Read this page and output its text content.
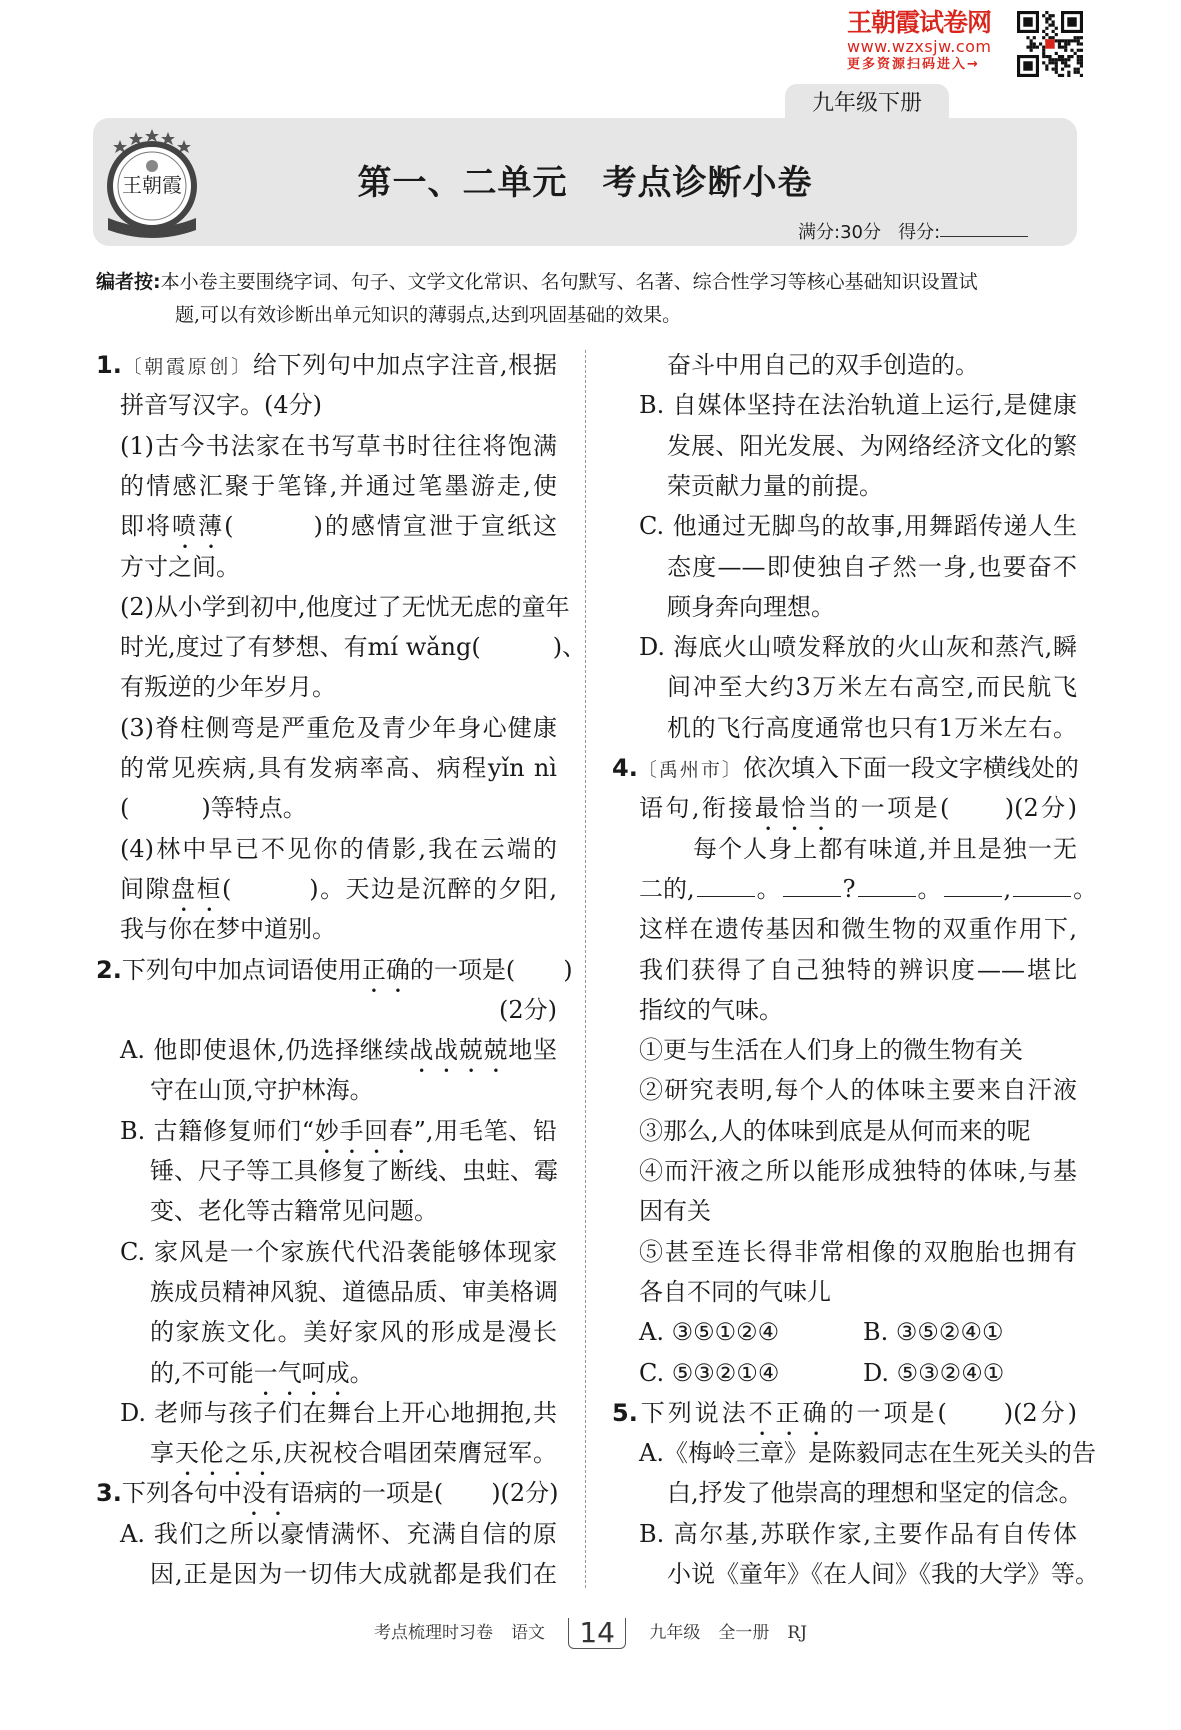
王朝霞试卷网
www.wzxsjw.com
更多资源扫码进入→
九年级下册
王朝霞	第一、二单元　考点诊断小卷
满分:30分 得分:
编者按:本小卷主要围绕字词、句子、文学文化常识、名句默写、名著、综合性学习等核心基础知识设置试
题,可以有效诊断出单元知识的薄弱点,达到巩固基础的效果。
1.〔朝霞原创〕给下列句中加点字注音,根据
拼音写汉字。(4分)
(1)古今书法家在书写草书时往往将饱满
的情感汇聚于笔锋,并通过笔墨游走,使
即将喷薄(　　　)的感情宣泄于宣纸这
方寸之间。
(2)从小学到初中,他度过了无忧无虑的童年
时光,度过了有梦想、有mí wǎng(　　　)、
有叛逆的少年岁月。
(3)脊柱侧弯是严重危及青少年身心健康
的常见疾病,具有发病率高、病程yǐn nì
(　　　)等特点。
(4)林中早已不见你的倩影,我在云端的
间隙盘桓(　　　)。天边是沉醉的夕阳,
我与你在梦中道别。
2.下列句中加点词语使用正确的一项是(　　)
(2分)
A. 他即使退休,仍选择继续战战兢兢地坚
守在山顶,守护林海。
B. 古籍修复师们“妙手回春”,用毛笔、铅
锤、尺子等工具修复了断线、虫蛀、霉
变、老化等古籍常见问题。
C. 家风是一个家族代代沿袭能够体现家
族成员精神风貌、道德品质、审美格调
的家族文化。美好家风的形成是漫长
的,不可能一气呵成。
D. 老师与孩子们在舞台上开心地拥抱,共
享天伦之乐,庆祝校合唱团荣膺冠军。
3.下列各句中没有语病的一项是(　　)(2分)
A. 我们之所以豪情满怀、充满自信的原
因,正是因为一切伟大成就都是我们在
奋斗中用自己的双手创造的。
B. 自媒体坚持在法治轨道上运行,是健康
发展、阳光发展、为网络经济文化的繁
荣贡献力量的前提。
C. 他通过无脚鸟的故事,用舞蹈传递人生
态度——即使独自孑然一身,也要奋不
顾身奔向理想。
D. 海底火山喷发释放的火山灰和蒸汽,瞬
间冲至大约3万米左右高空,而民航飞
机的飞行高度通常也只有1万米左右。
4.〔禹州市〕依次填入下面一段文字横线处的
语句,衔接最恰当的一项是(　　)(2分)
每个人身上都有味道,并且是独一无
二的,	。	?	。	,	。
这样在遗传基因和微生物的双重作用下,
我们获得了自己独特的辨识度——堪比
指纹的气味。
①更与生活在人们身上的微生物有关
②研究表明,每个人的体味主要来自汗液
③那么,人的体味到底是从何而来的呢
④而汗液之所以能形成独特的体味,与基
因有关
⑤甚至连长得非常相像的双胞胎也拥有
各自不同的气味儿
A. ③⑤①②④	B. ③⑤②④①
C. ⑤③②①④	D. ⑤③②④①
5.下列说法不正确的一项是(　　)(2分)
A.《梅岭三章》是陈毅同志在生死关头的告
白,抒发了他崇高的理想和坚定的信念。
B. 高尔基,苏联作家,主要作品有自传体
小说《童年》《在人间》《我的大学》等。
考点梳理时习卷 语文 14 九年级 全一册 RJ
